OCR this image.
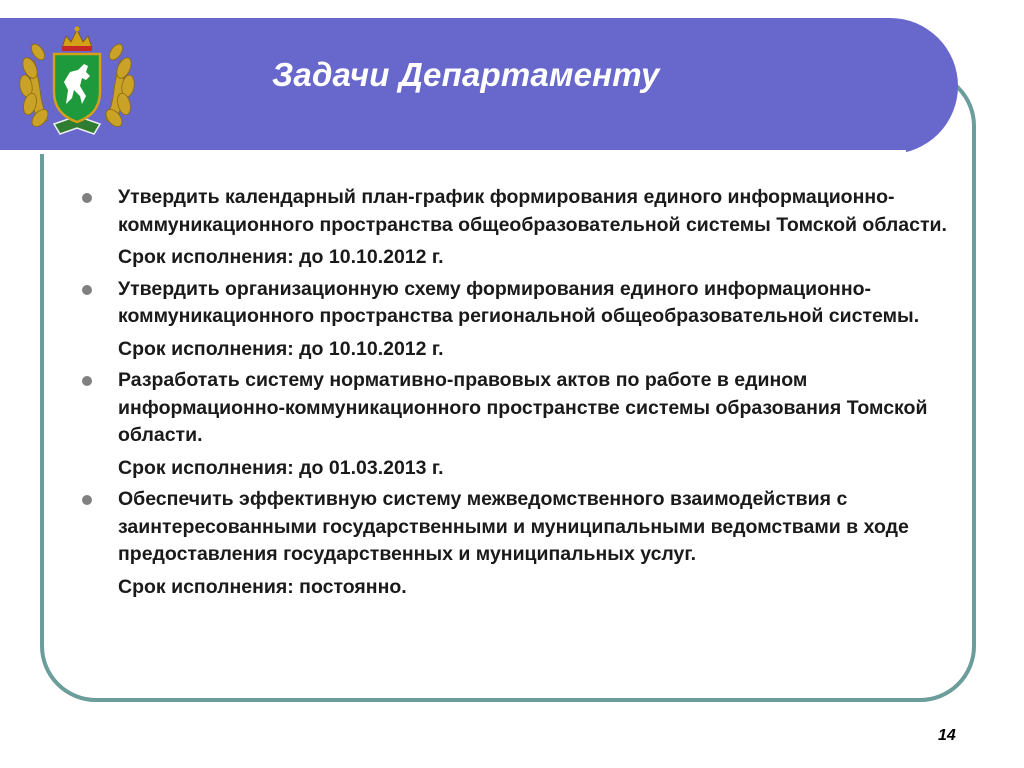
Задачи Департаменту
Утвердить календарный план-график формирования единого информационно-коммуникационного пространства общеобразовательной системы Томской области.
Срок исполнения: до 10.10.2012 г.
Утвердить организационную схему формирования единого информационно-коммуникационного пространства региональной общеобразовательной системы.
Срок исполнения: до 10.10.2012 г.
Разработать систему нормативно-правовых актов по работе в едином информационно-коммуникационного пространстве системы образования Томской области.
Срок исполнения: до 01.03.2013 г.
Обеспечить эффективную систему межведомственного взаимодействия с заинтересованными государственными и муниципальными ведомствами в ходе предоставления государственных и муниципальных услуг.
Срок исполнения: постоянно.
14
